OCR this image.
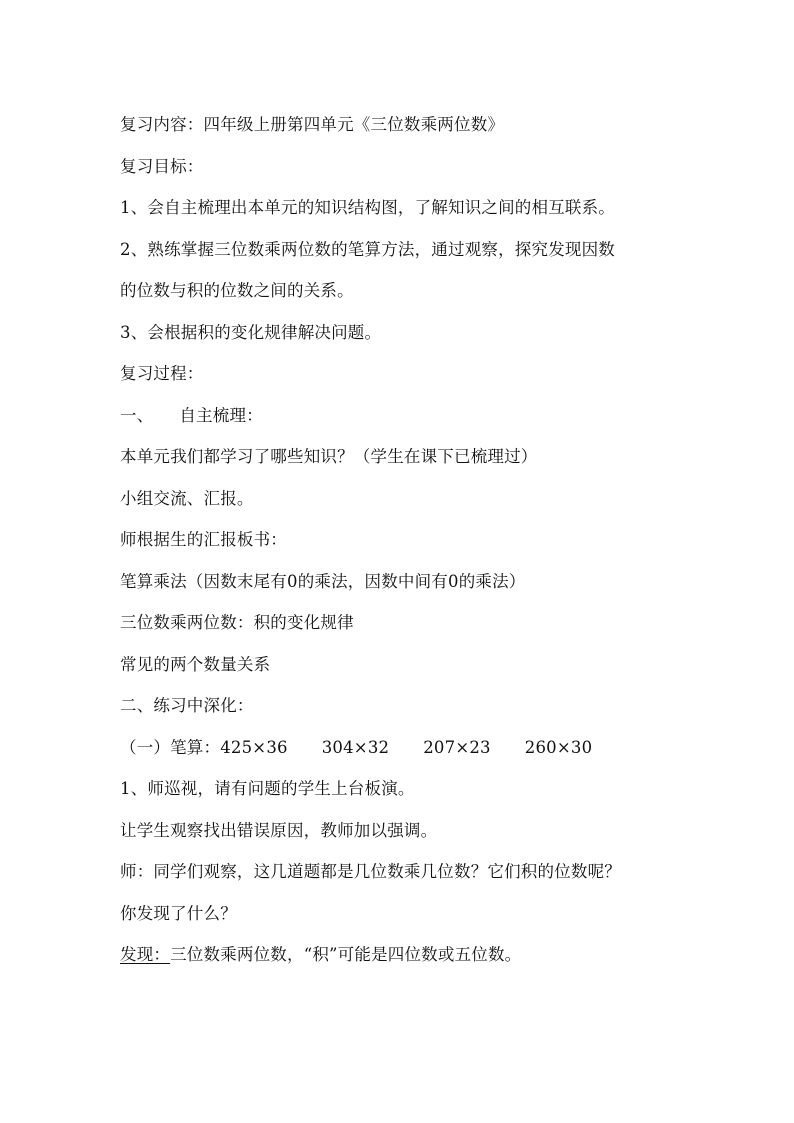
复习内容：四年级上册第四单元《三位数乘两位数》
复习目标：
1、会自主梳理出本单元的知识结构图，了解知识之间的相互联系。
2、熟练掌握三位数乘两位数的笔算方法，通过观察，探究发现因数
的位数与积的位数之间的关系。
3、会根据积的变化规律解决问题。
复习过程：
一、 自主梳理：
本单元我们都学习了哪些知识？（学生在课下已梳理过）
小组交流、汇报。
师根据生的汇报板书：
笔算乘法（因数末尾有0的乘法，因数中间有0的乘法）
三位数乘两位数：积的变化规律
常见的两个数量关系
二、练习中深化：
（一）笔算：425×36 304×32 207×23 260×30
1、师巡视，请有问题的学生上台板演。
让学生观察找出错误原因，教师加以强调。
师：同学们观察，这几道题都是几位数乘几位数？它们积的位数呢？
你发现了什么？
发现：三位数乘两位数，“积”可能是四位数或五位数。
